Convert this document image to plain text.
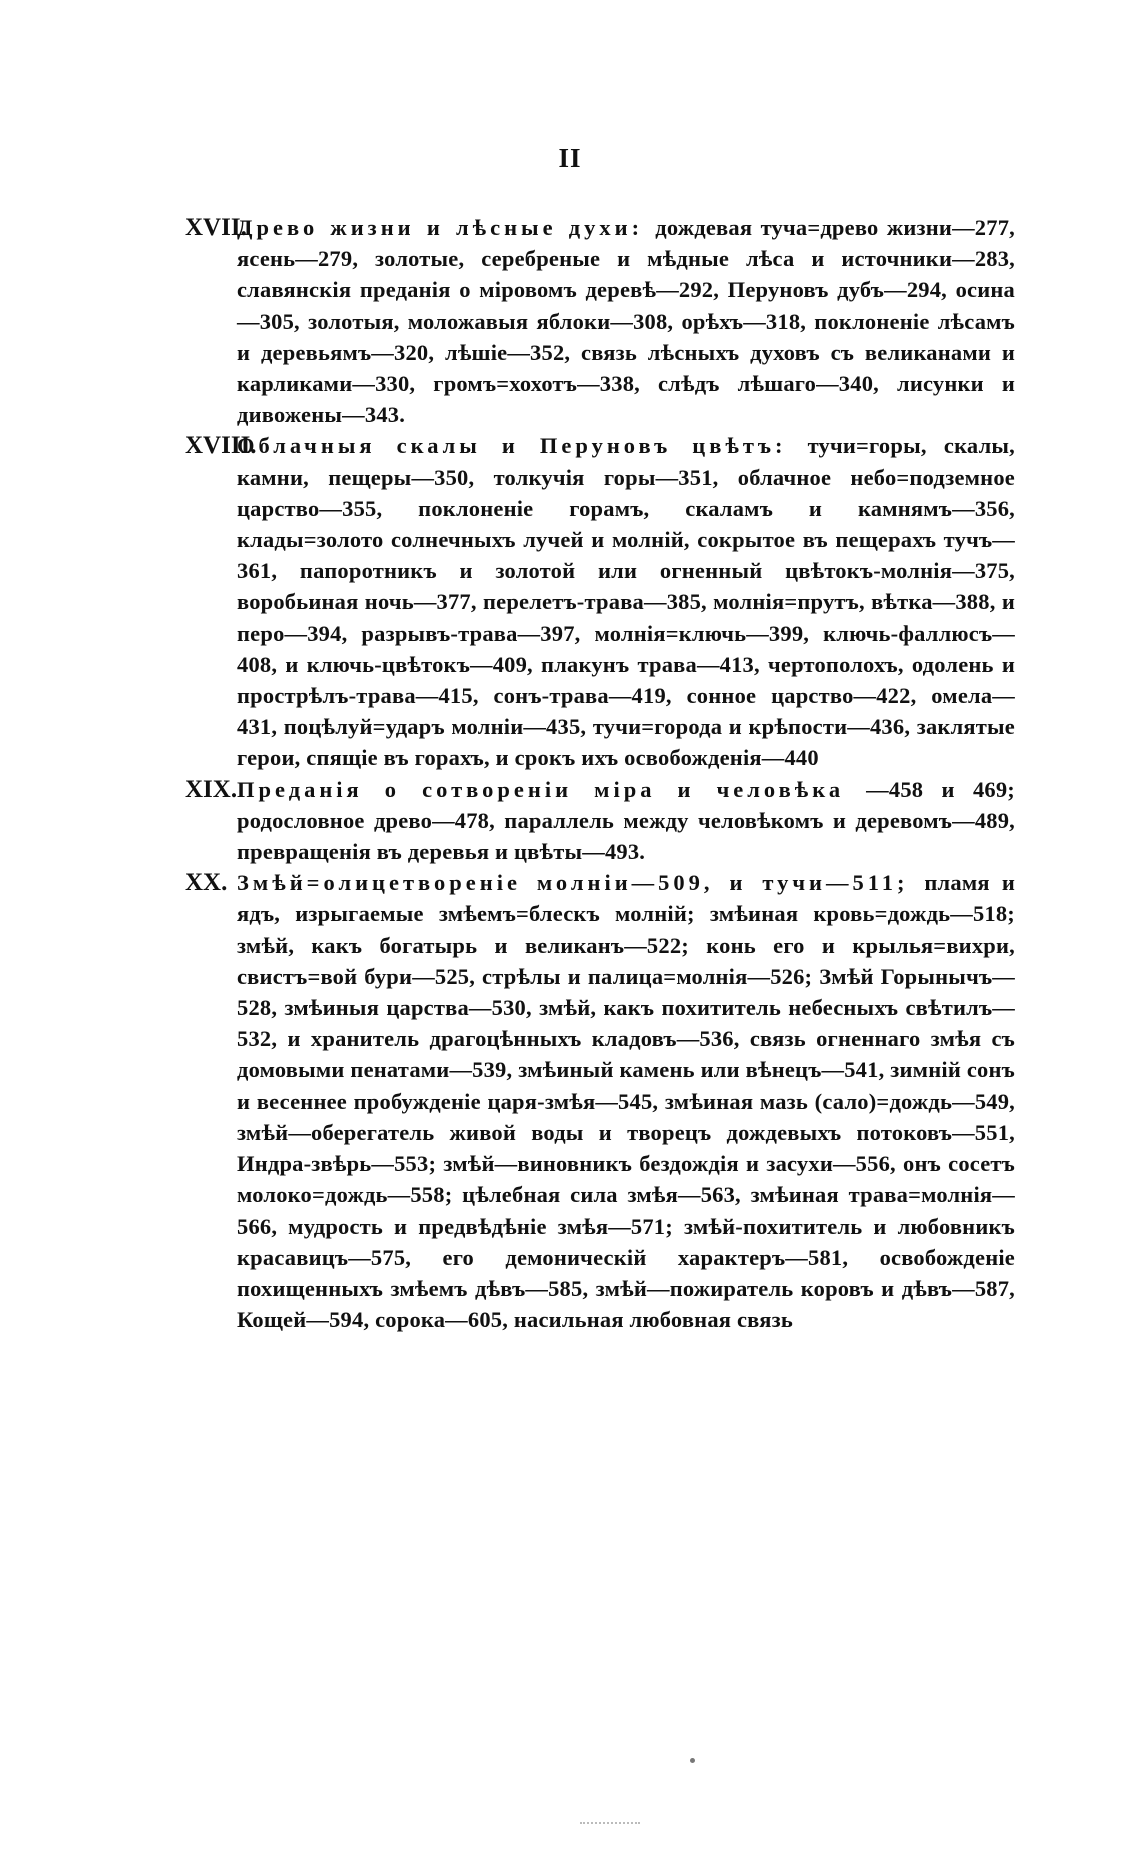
II
XVII.
Древо жизни и лѣсные духи: дождевая туча=древо жизни—277, ясень—279, золотые, серебреные и мѣдные лѣса и источники—283, славянскія преданія о міровомъ деревѣ—292, Перуновъ дубъ—294, осина—305, золотыя, моложавыя яблоки—308, орѣхъ—318, поклоненіе лѣсамъ и деревьямъ—320, лѣшіе—352, связь лѣсныхъ духовъ съ великанами и карликами—330, громъ=хохотъ—338, слѣдъ лѣшаго—340, лисунки и дивожены—343.
XVIII.
Облачныя скалы и Перуновъ цвѣтъ: тучи=горы, скалы, камни, пещеры—350, толкучія горы—351, облачное небо=подземное царство—355, поклоненіе горамъ, скаламъ и камнямъ—356, клады=золото солнечныхъ лучей и молній, сокрытое въ пещерахъ тучъ—361, папоротникъ и золотой или огненный цвѣтокъ-молнія—375, воробьиная ночь—377, перелетъ-трава—385, молнія=прутъ, вѣтка—388, и перо—394, разрывъ-трава—397, молнія=ключь—399, ключь-фаллюсъ—408, и ключь-цвѣтокъ—409, плакунъ трава—413, чертополохъ, одолень и прострѣлъ-трава—415, сонъ-трава—419, сонное царство—422, омела—431, поцѣлуй=ударъ молніи—435, тучи=города и крѣпости—436, заклятые герои, спящіе въ горахъ, и срокъ ихъ освобожденія—440
XIX. Преданія о сотвореніи міра и человѣка —458 и 469; родословное древо—478, параллель между человѣкомъ и деревомъ—489, превращенія въ деревья и цвѣты—493.
XX. Змѣй=олицетвореніе молніи—509, и тучи—511; пламя и ядъ, изрыгаемые змѣемъ=блескъ молній; змѣиная кровь=дождь—518; змѣй, какъ богатырь и великанъ—522; конь его и крылья=вихри, свистъ=вой бури—525, стрѣлы и палица=молнія—526; Змѣй Горынычъ—528, змѣиныя царства—530, змѣй, какъ похититель небесныхъ свѣтилъ—532, и хранитель драгоцѣнныхъ кладовъ—536, связь огненнаго змѣя съ домовыми пенатами—539, змѣиный камень или вѣнецъ—541, зимній сонъ и весеннее пробужденіе царя-змѣя—545, змѣиная мазь (сало)=дождь—549, змѣй—оберегатель живой воды и творецъ дождевыхъ потоковъ—551, Индра-звѣрь—553; змѣй—виновникъ бездождія и засухи—556, онъ сосетъ молоко=дождь—558; цѣлебная сила змѣя—563, змѣиная трава=молнія—566, мудрость и предвѣдѣніе змѣя—571; змѣй-похититель и любовникъ красавицъ—575, его демоническій характеръ—581, освобожденіе похищенныхъ змѣемъ дѣвъ—585, змѣй—пожиратель коровъ и дѣвъ—587, Кощей—594, сорока—605, насильная любовная связь
